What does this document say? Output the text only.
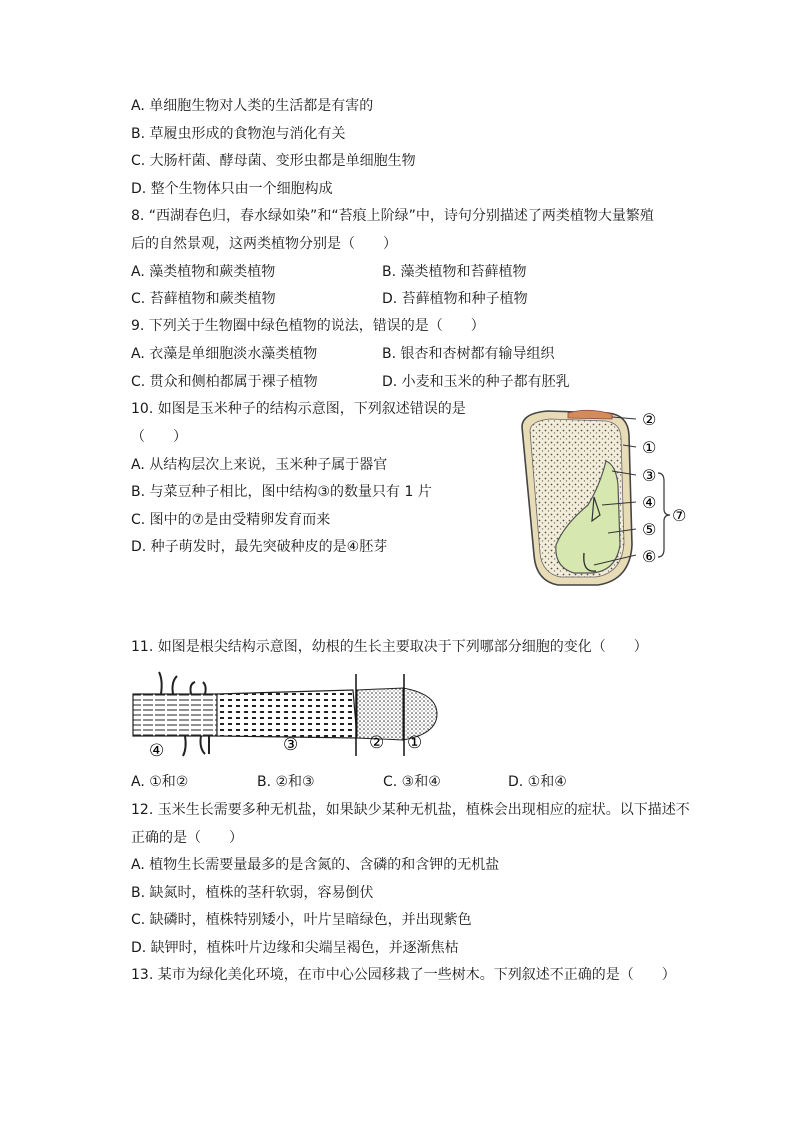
A. 单细胞生物对人类的生活都是有害的
B. 草履虫形成的食物泡与消化有关
C. 大肠杆菌、酵母菌、变形虫都是单细胞生物
D. 整个生物体只由一个细胞构成
8. “西湖春色归，春水绿如染”和“苔痕上阶绿”中，诗句分别描述了两类植物大量繁殖
后的自然景观，这两类植物分别是（　　）
A. 藻类植物和蕨类植物	B. 藻类植物和苔藓植物
C. 苔藓植物和蕨类植物	D. 苔藓植物和种子植物
9. 下列关于生物圈中绿色植物的说法，错误的是（　　）
A. 衣藻是单细胞淡水藻类植物	B. 银杏和杏树都有输导组织
C. 贯众和侧柏都属于裸子植物	D. 小麦和玉米的种子都有胚乳
10. 如图是玉米种子的结构示意图，下列叙述错误的是
（　　）
A. 从结构层次上来说，玉米种子属于器官
B. 与菜豆种子相比，图中结构③的数量只有 1 片
C. 图中的⑦是由受精卵发育而来
D. 种子萌发时，最先突破种皮的是④胚芽
②
①
③
④
⑤
⑥
⑦
11. 如图是根尖结构示意图，幼根的生长主要取决于下列哪部分细胞的变化（　　）
④	③	② ①
A. ①和②	B. ②和③	C. ③和④	D. ①和④
12. 玉米生长需要多种无机盐，如果缺少某种无机盐，植株会出现相应的症状。以下描述不
正确的是（　　）
A. 植物生长需要量最多的是含氮的、含磷的和含钾的无机盐
B. 缺氮时，植株的茎秆软弱，容易倒伏
C. 缺磷时，植株特别矮小，叶片呈暗绿色，并出现紫色
D. 缺钾时，植株叶片边缘和尖端呈褐色，并逐渐焦枯
13. 某市为绿化美化环境，在市中心公园移栽了一些树木。下列叙述不正确的是（　　）
